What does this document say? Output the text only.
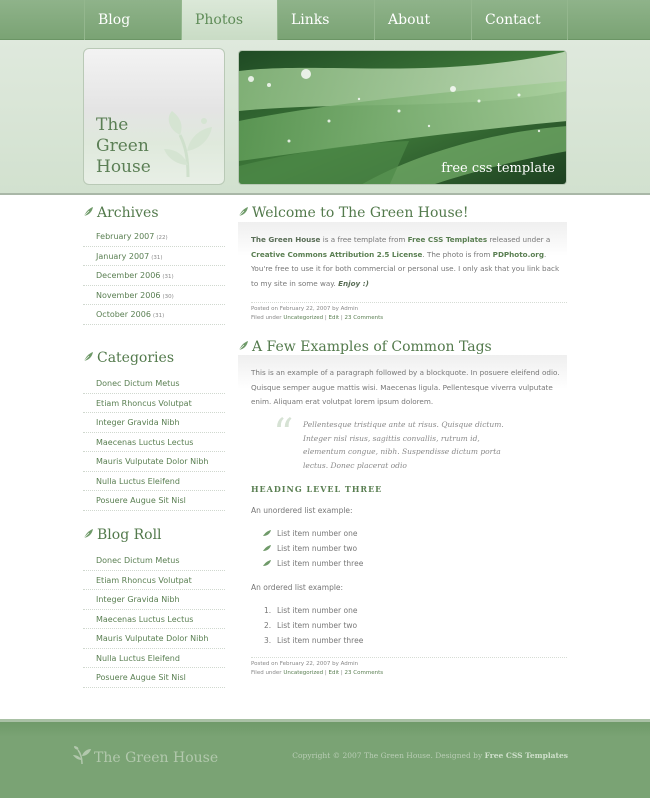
Blog	Photos	Links	About	Contact
The
Green
House	free css template
Archives
February 2007 (22)
January 2007 (31)
December 2006 (31)
November 2006 (30)
October 2006 (31)
Categories
Donec Dictum Metus
Etiam Rhoncus Volutpat
Integer Gravida Nibh
Maecenas Luctus Lectus
Mauris Vulputate Dolor Nibh
Nulla Luctus Eleifend
Posuere Augue Sit Nisl
Blog Roll
Donec Dictum Metus
Etiam Rhoncus Volutpat
Integer Gravida Nibh
Maecenas Luctus Lectus
Mauris Vulputate Dolor Nibh
Nulla Luctus Eleifend
Posuere Augue Sit Nisl
Welcome to The Green House!
The Green House is a free template from Free CSS Templates released under a Creative Commons Attribution 2.5 License. The photo is from PDPhoto.org. You're free to use it for both commercial or personal use. I only ask that you link back to my site in some way. Enjoy :)
Posted on February 22, 2007 by Admin
Filed under Uncategorized | Edit | 23 Comments
A Few Examples of Common Tags
This is an example of a paragraph followed by a blockquote. In posuere eleifend odio. Quisque semper augue mattis wisi. Maecenas ligula. Pellentesque viverra vulputate enim. Aliquam erat volutpat lorem ipsum dolorem.
“ Pellentesque tristique ante ut risus. Quisque dictum. Integer nisl risus, sagittis convallis, rutrum id, elementum congue, nibh. Suspendisse dictum porta lectus. Donec placerat odio
HEADING LEVEL THREE
An unordered list example:
List item number one
List item number two
List item number three
An ordered list example:
1. List item number one
2. List item number two
3. List item number three
Posted on February 22, 2007 by Admin
Filed under Uncategorized | Edit | 23 Comments
The Green House	Copyright © 2007 The Green House. Designed by Free CSS Templates
